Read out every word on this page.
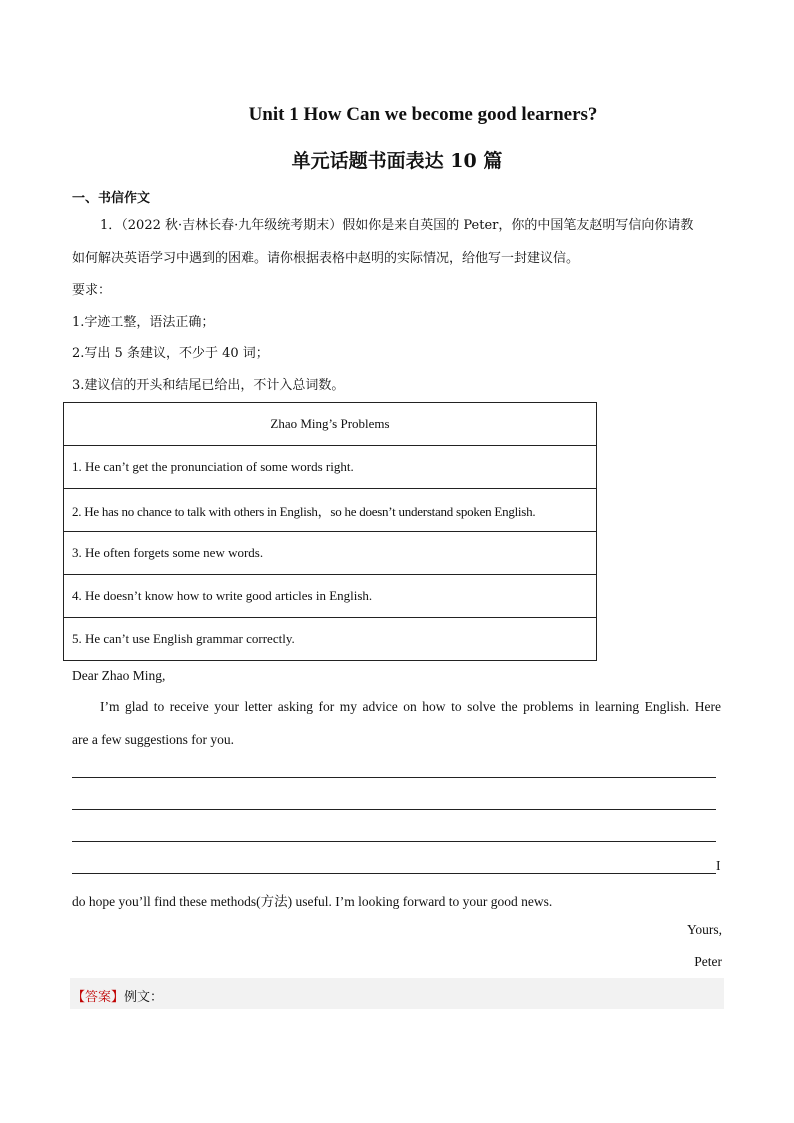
Unit 1 How Can we become good learners?
单元话题书面表达 10 篇
一、书信作文
1．（2022 秋·吉林长春·九年级统考期末）假如你是来自英国的 Peter，你的中国笔友赵明写信向你请教
如何解决英语学习中遇到的困难。请你根据表格中赵明的实际情况，给他写一封建议信。
要求：
1.字迹工整，语法正确；
2.写出 5 条建议，不少于 40 词；
3.建议信的开头和结尾已给出，不计入总词数。
Zhao Ming’s Problems
1. He can’t get the pronunciation of some words right.
2. He has no chance to talk with others in English，so he doesn’t understand spoken English.
3. He often forgets some new words.
4. He doesn’t know how to write good articles in English.
5. He can’t use English grammar correctly.
Dear Zhao Ming,
I’m glad to receive your letter asking for my advice on how to solve the problems in learning English. Here
are a few suggestions for you.
I
do hope you’ll find these methods(方法) useful. I’m looking forward to your good news.
Yours,
Peter
【答案】例文：
